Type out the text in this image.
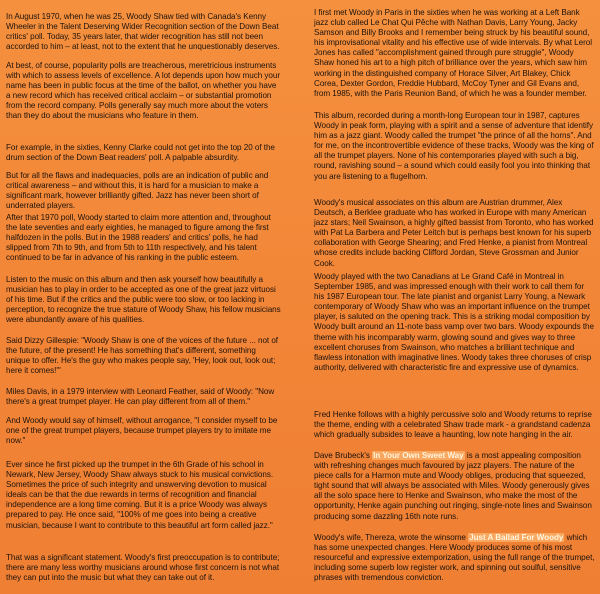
In August 1970, when he was 25, Woody Shaw tied with Canada's Kenny Wheeler in the Talent Deserving Wider Recognition section of the Down Beat critics' poll. Today, 35 years later, that wider recognition has still not been accorded to him – at least, not to the extent that he unquestionably deserves.

At best, of course, popularity polls are treacherous, meretricious instruments with which to assess levels of excellence. A lot depends upon how much your name has been in public focus at the time of the ballot, on whether you have a new record which has received critical acclaim – or substantial promotion from the record company. Polls generally say much more about the voters than they do about the musicians who feature in them.

For example, in the sixties, Kenny Clarke could not get into the top 20 of the drum section of the Down Beat readers' poll. A palpable absurdity.

But for all the flaws and inadequacies, polls are an indication of public and critical awareness – and without this, it is hard for a musician to make a significant mark, however brilliantly gifted. Jazz has never been short of underrated players.

After that 1970 poll, Woody started to claim more attention and, throughout the late seventies and early eighties, he managed to figure among the first halfdozen in the polls. But in the 1988 readers' and critics' polls, he had slipped from 7th to 9th, and from 5th to 11th respectively, and his talent continued to be far in advance of his ranking in the public esteem.

Listen to the music on this album and then ask yourself how beautifully a musician has to play in order to be accepted as one of the great jazz virtuosi of his time. But if the critics and the public were too slow, or too lacking in perception, to recognize the true stature of Woody Shaw, his fellow musicians were abundantly aware of his qualities.

Said Dizzy Gillespie: "Woody Shaw is one of the voices of the future ... not of the future, of the present! He has something that's different, something unique to offer. He's the guy who makes people say, 'Hey, look out, look out; here it comes!'"

Miles Davis, in a 1979 interview with Leonard Feather, said of Woody: "Now there's a great trumpet player. He can play different from all of them."

And Woody would say of himself, without arrogance, "I consider myself to be one of the great trumpet players, because trumpet players try to imitate me now."

Ever since he first picked up the trumpet in the 6th Grade of his school in Newark, New Jersey, Woody Shaw always stuck to his musical convictions. Sometimes the price of such integrity and unswerving devotion to musical ideals can be that the due rewards in terms of recognition and financial independence are a long time coming. But it is a price Woody was always prepared to pay. He once said, "100% of me goes into being a creative musician, because I want to contribute to this beautiful art form called jazz."

That was a significant statement. Woody's first preoccupation is to contribute; there are many less worthy musicians around whose first concern is not what they can put into the music but what they can take out of it.

I first met Woody in Paris in the sixties when he was working at a Left Bank jazz club called Le Chat Qui Pêche with Nathan Davis, Larry Young, Jacky Samson and Billy Brooks and I remember being struck by his beautiful sound, his improvisational vitality and his effective use of wide intervals. By what Lerol Jones has called "accomplishment gained through pure struggle", Woody Shaw honed his art to a high pitch of brilliance over the years, which saw him working in the distinguished company of Horace Silver, Art Blakey, Chick Corea, Dexter Gordon, Freddie Hubbard, McCoy Tyner and Gil Evans and, from 1985, with the Paris Reunion Band, of which he was a founder member.

This album, recorded during a month-long European tour in 1987, captures Woody in peak form, playing with a spirit and a sense of adventure that identify him as a jazz giant. Woody called the trumpet "the prince of all the horns". And for me, on the incontrovertible evidence of these tracks, Woody was the king of all the trumpet players. None of his contemporaries played with such a big, round, ravishing sound – a sound which could easily fool you into thinking that you are listening to a flugelhorn.

Woody's musical associates on this album are Austrian drummer, Alex Deutsch, a Berklee graduate who has worked in Europe with many American jazz stars; Neil Swainson, a highly gifted bassist from Toronto, who has worked with Pat La Barbera and Peter Leitch but is perhaps best known for his superb collaboration with George Shearing; and Fred Henke, a pianist from Montreal whose credits include backing Clifford Jordan, Steve Grossman and Junior Cook.

Woody played with the two Canadians at Le Grand Café in Montreal in September 1985, and was impressed enough with their work to call them for his 1987 European tour. The late pianist and organist Larry Young, a Newark contemporary of Woody Shaw who was an important influence on the trumpet player, is saluted on the opening track. This is a striking modal composition by Woody built around an 11-note bass vamp over two bars. Woody expounds the theme with his incomparably warm, glowing sound and gives way to three excellent choruses from Swainson, who matches a brilliant technique and flawless intonation with imaginative lines. Woody takes three choruses of crisp authority, delivered with characteristic fire and expressive use of dynamics.

Fred Henke follows with a highly percussive solo and Woody returns to reprise the theme, ending with a celebrated Shaw trade mark - a grandstand cadenza which gradually subsides to leave a haunting, low note hanging in the air.

Dave Brubeck's In Your Own Sweet Way is a most appealing composition with refreshing changes much favoured by jazz players. The nature of the piece calls for a Harmon mute and Woody obliges, producing that squeezed, tight sound that will always be associated with Miles. Woody generously gives all the solo space here to Henke and Swainson, who make the most of the opportunity, Henke again punching out ringing, single-note lines and Swainson producing some dazzling 16th note runs.

Woody's wife, Thereza, wrote the winsome Just A Ballad For Woody which has some unexpected changes. Here Woody produces some of his most resourceful and expressive extemporization, using the full range of the trumpet, including some superb low register work, and spinning out soulful, sensitive phrases with tremendous conviction.
